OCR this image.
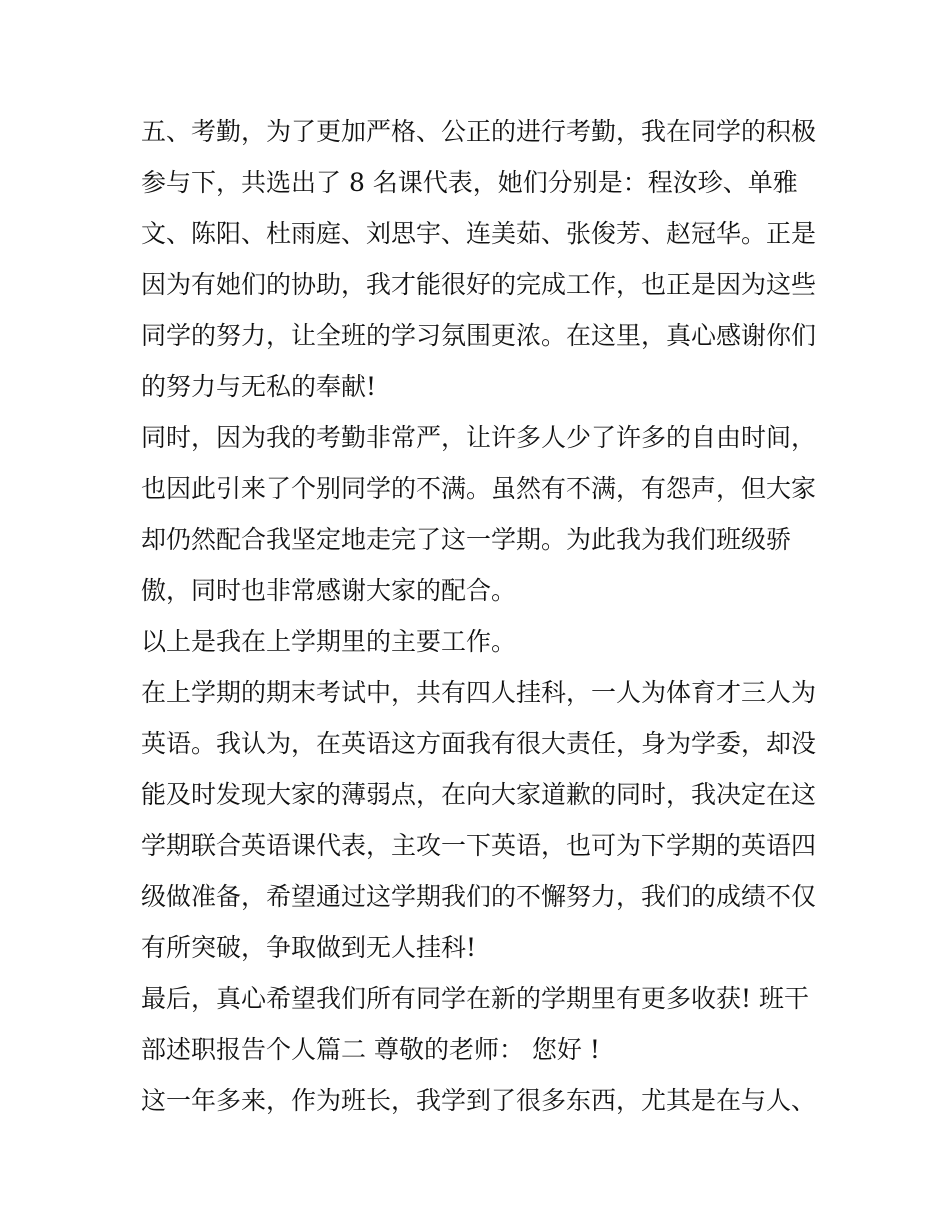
五、考勤，为了更加严格、公正的进行考勤，我在同学的积极
参与下，共选出了 8 名课代表，她们分别是：程汝珍、单雅
文、陈阳、杜雨庭、刘思宇、连美茹、张俊芳、赵冠华。正是
因为有她们的协助，我才能很好的完成工作，也正是因为这些
同学的努力，让全班的学习氛围更浓。在这里，真心感谢你们
的努力与无私的奉献!
同时，因为我的考勤非常严，让许多人少了许多的自由时间，
也因此引来了个别同学的不满。虽然有不满，有怨声，但大家
却仍然配合我坚定地走完了这一学期。为此我为我们班级骄
傲，同时也非常感谢大家的配合。
以上是我在上学期里的主要工作。
在上学期的期末考试中，共有四人挂科，一人为体育才三人为
英语。我认为，在英语这方面我有很大责任，身为学委，却没
能及时发现大家的薄弱点，在向大家道歉的同时，我决定在这
学期联合英语课代表，主攻一下英语，也可为下学期的英语四
级做准备，希望通过这学期我们的不懈努力，我们的成绩不仅
有所突破，争取做到无人挂科!
最后，真心希望我们所有同学在新的学期里有更多收获! 班干
部述职报告个人篇二 尊敬的老师： 您好 !
这一年多来，作为班长，我学到了很多东西，尤其是在与人、
